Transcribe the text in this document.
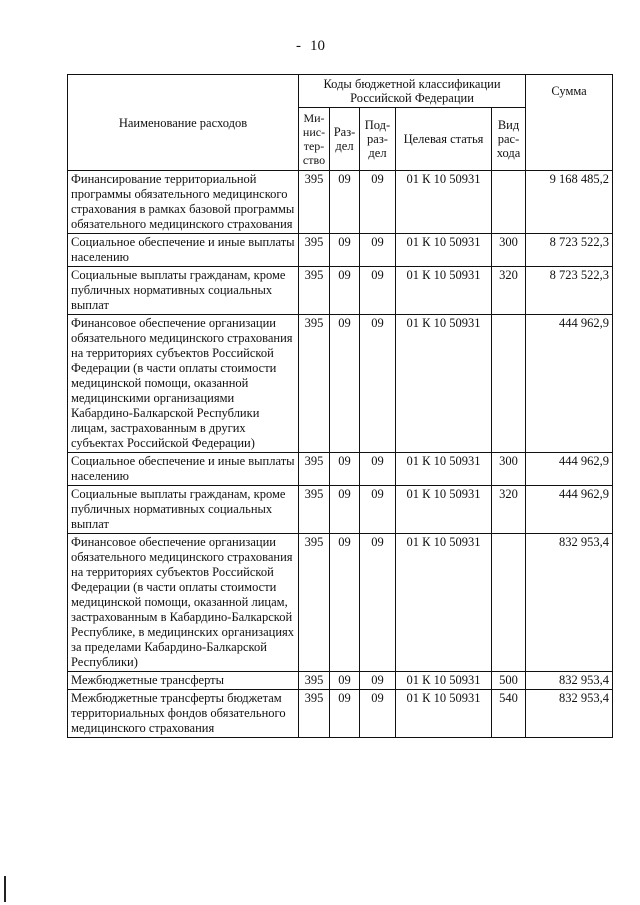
- 10
Наименование расходов	Коды бюджетной классификации Российской Федерации					Сумма
	Ми-нис-тер-ство	Раз-дел	Под-раз-дел	Целевая статья	Вид рас-хода	
Финансирование территориальной программы обязательного медицинского страхования в рамках базовой программы обязательного медицинского страхования	395	09	09	01 К 10 50931		9 168 485,2
Социальное обеспечение и иные выплаты населению	395	09	09	01 К 10 50931	300	8 723 522,3
Социальные выплаты гражданам, кроме публичных нормативных социальных выплат	395	09	09	01 К 10 50931	320	8 723 522,3
Финансовое обеспечение организации обязательного медицинского страхования на территориях субъектов Российской Федерации (в части оплаты стоимости медицинской помощи, оказанной медицинскими организациями Кабардино-Балкарской Республики лицам, застрахованным в других субъектах Российской Федерации)	395	09	09	01 К 10 50931		444 962,9
Социальное обеспечение и иные выплаты населению	395	09	09	01 К 10 50931	300	444 962,9
Социальные выплаты гражданам, кроме публичных нормативных социальных выплат	395	09	09	01 К 10 50931	320	444 962,9
Финансовое обеспечение организации обязательного медицинского страхования на территориях субъектов Российской Федерации (в части оплаты стоимости медицинской помощи, оказанной лицам, застрахованным в Кабардино-Балкарской Республике, в медицинских организациях за пределами Кабардино-Балкарской Республики)	395	09	09	01 К 10 50931		832 953,4
Межбюджетные трансферты	395	09	09	01 К 10 50931	500	832 953,4
Межбюджетные трансферты бюджетам территориальных фондов обязательного медицинского страхования	395	09	09	01 К 10 50931	540	832 953,4
